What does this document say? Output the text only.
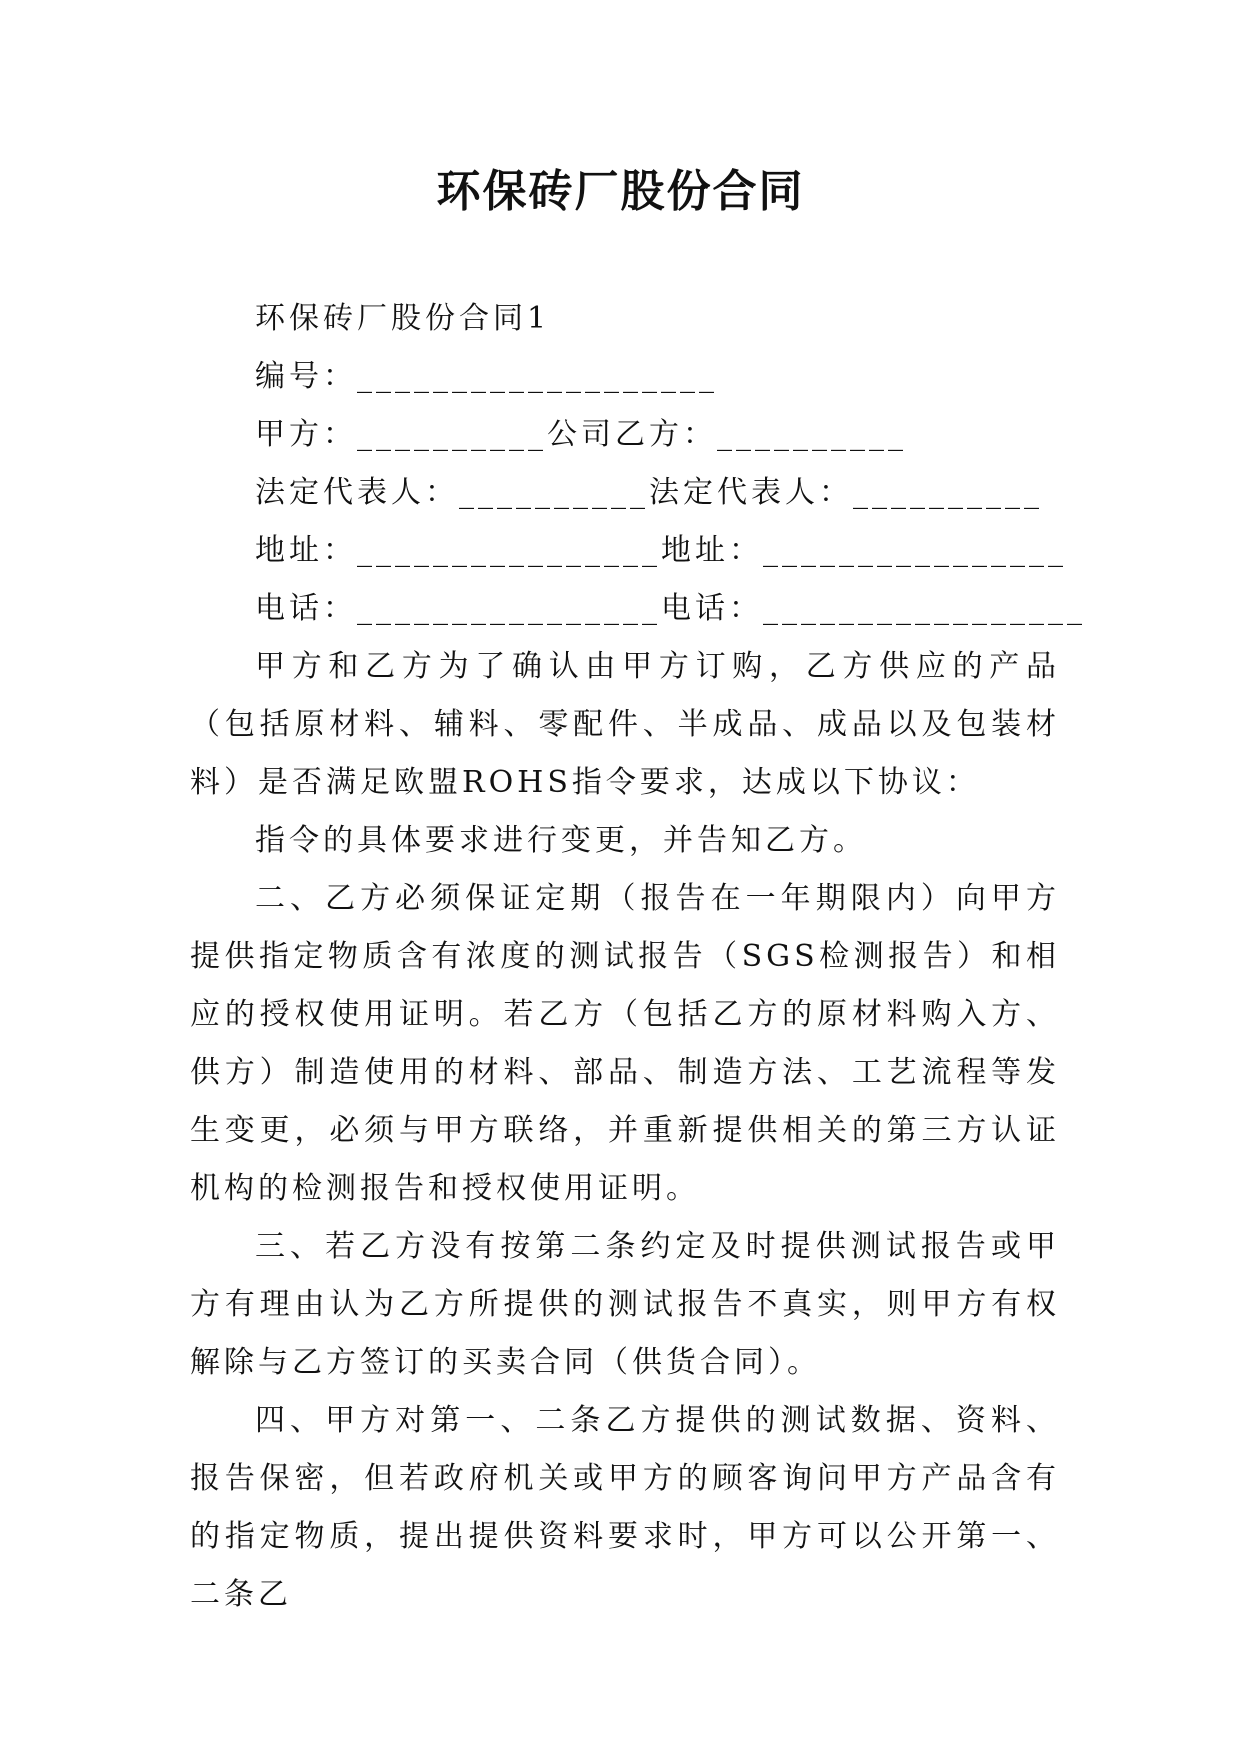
环保砖厂股份合同

环保砖厂股份合同1

编号：___________________

甲方：__________公司乙方：__________

法定代表人：__________法定代表人：__________

地址：________________地址：________________

电话：________________电话：_________________

甲方和乙方为了确认由甲方订购，乙方供应的产品（包括原材料、辅料、零配件、半成品、成品以及包装材料）是否满足欧盟ROHS指令要求，达成以下协议：

指令的具体要求进行变更，并告知乙方。

二、乙方必须保证定期（报告在一年期限内）向甲方提供指定物质含有浓度的测试报告（SGS检测报告）和相应的授权使用证明。若乙方（包括乙方的原材料购入方、供方）制造使用的材料、部品、制造方法、工艺流程等发生变更，必须与甲方联络，并重新提供相关的第三方认证机构的检测报告和授权使用证明。

三、若乙方没有按第二条约定及时提供测试报告或甲方有理由认为乙方所提供的测试报告不真实，则甲方有权解除与乙方签订的买卖合同（供货合同）。

四、甲方对第一、二条乙方提供的测试数据、资料、报告保密，但若政府机关或甲方的顾客询问甲方产品含有的指定物质，提出提供资料要求时，甲方可以公开第一、二条乙
